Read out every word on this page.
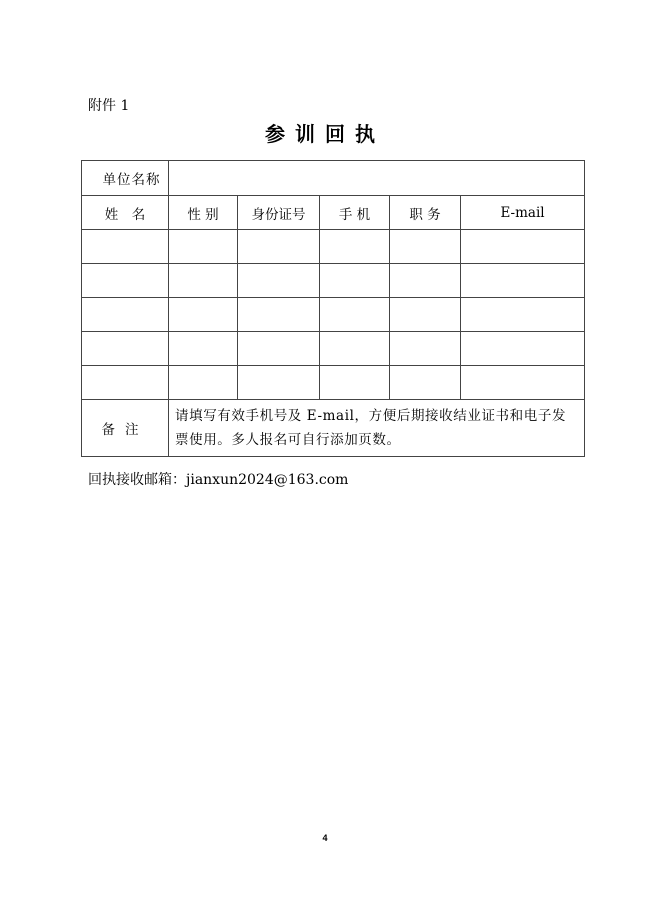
附件 1
参训回执
单位名称					
姓　名	性 别	身份证号	手 机	职 务	E-mail

备注	请填写有效手机号及 E-mail，方便后期接收结业证书和电子发票使用。多人报名可自行添加页数。				
回执接收邮箱：jianxun2024@163.com
4
